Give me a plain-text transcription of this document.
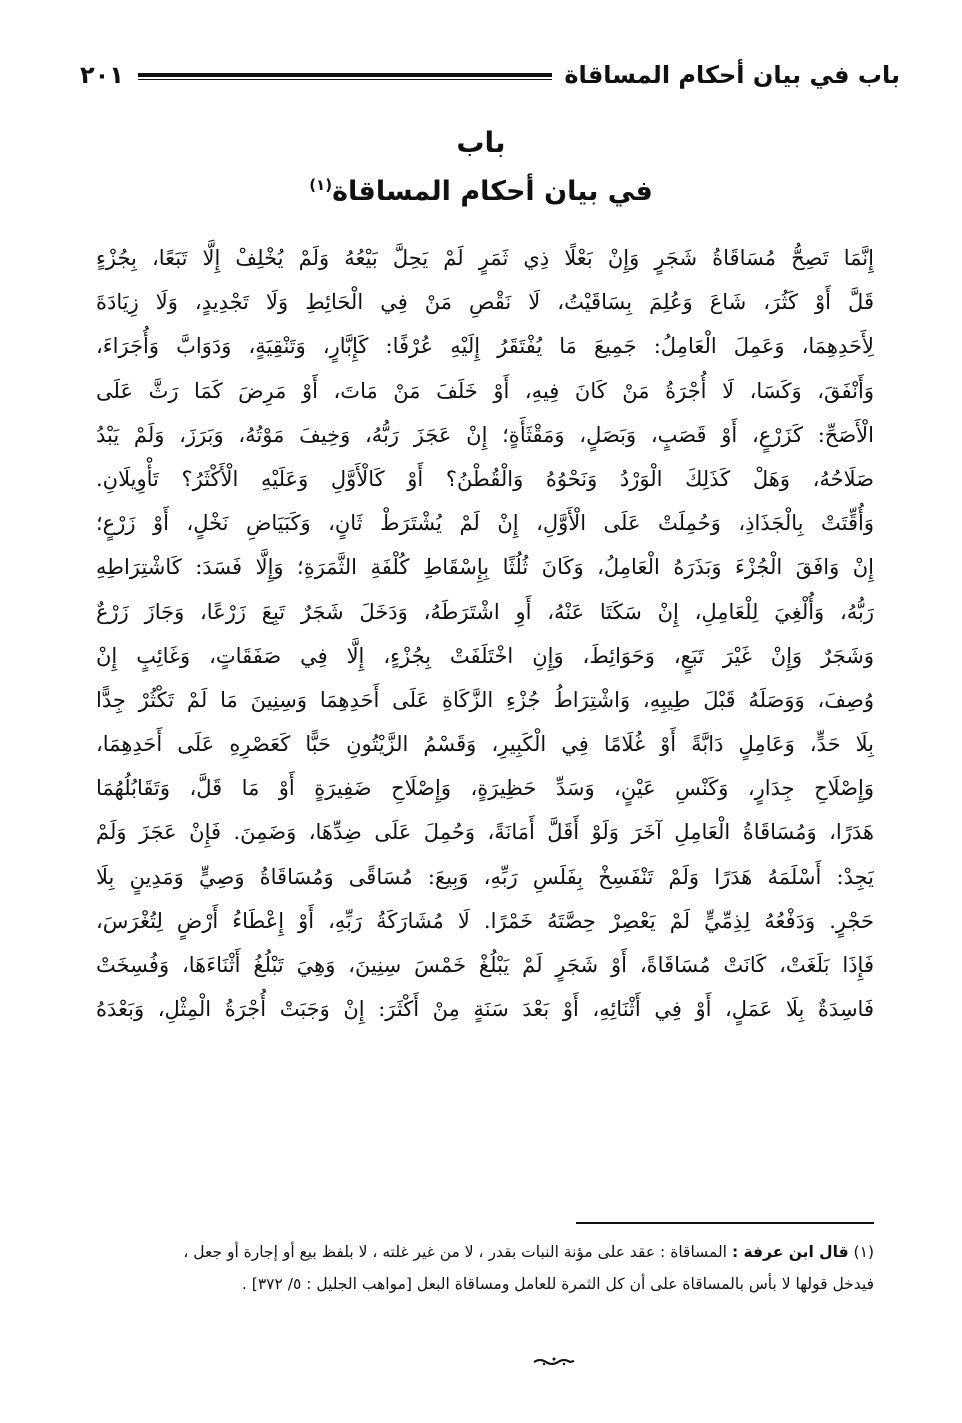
باب في بيان أحكام المساقاة
٢٠١
باب
في بيان أحكام المساقاة$^{(١)}$
إِنَّمَا تَصِحُّ مُسَاقَاةُ شَجَرٍ وَإِنْ بَعْلًا ذِي ثَمَرٍ لَمْ يَحِلَّ بَيْعُهُ وَلَمْ يُخْلِفْ إِلَّا تَبَعًا، بِجُزْءٍ
قَلَّ أَوْ كَثُرَ، شَاعَ وَعُلِمَ بِسَاقَيْتُ، لَا نَقْصِ مَنْ فِي الْحَائِطِ وَلَا تَجْدِيدٍ، وَلَا زِيَادَةَ
لِأَحَدِهِمَا، وَعَمِلَ الْعَامِلُ: جَمِيعَ مَا يُفْتَقَرُ إِلَيْهِ عُرْفًا: كَإِبَّارٍ، وَتَنْقِيَةٍ، وَدَوَابَّ وَأُجَرَاءَ،
وَأَنْفَقَ، وَكَسَا، لَا أُجْرَةُ مَنْ كَانَ فِيهِ، أَوْ خَلَفَ مَنْ مَاتَ، أَوْ مَرِضَ كَمَا رَثَّ عَلَى
الْأَصَحِّ: كَزَرْعٍ، أَوْ قَصَبٍ، وَبَصَلٍ، وَمَقْثَأَةٍ؛ إِنْ عَجَزَ رَبُّهُ، وَخِيفَ مَوْتُهُ، وَبَرَزَ، وَلَمْ يَبْدُ
صَلَاحُهُ، وَهَلْ كَذَلِكَ الْوَرْدُ وَنَحْوُهُ وَالْقُطْنُ؟ أَوْ كَالْأَوَّلِ وَعَلَيْهِ الْأَكْثَرُ؟ تَأْوِيلَانِ.
وَأُقِّتَتْ بِالْجَذَاذِ، وَحُمِلَتْ عَلَى الْأَوَّلِ، إِنْ لَمْ يُشْتَرَطْ ثَانٍ، وَكَبَيَاضِ نَخْلٍ، أَوْ زَرْعٍ؛
إِنْ وَافَقَ الْجُزْءَ وَبَذَرَهُ الْعَامِلُ، وَكَانَ ثُلُثًا بِإِسْقَاطِ كُلْفَةِ الثَّمَرَةِ؛ وَإِلَّا فَسَدَ: كَاشْتِرَاطِهِ
رَبُّهُ، وَأُلْغِيَ لِلْعَامِلِ، إِنْ سَكَتَا عَنْهُ، أَوِ اشْتَرَطَهُ، وَدَخَلَ شَجَرٌ تَبِعَ زَرْعًا، وَجَازَ زَرْعٌ
وَشَجَرٌ وَإِنْ غَيْرَ تَبَعٍ، وَحَوَائِطَ، وَإِنِ اخْتَلَفَتْ بِجُزْءٍ، إِلَّا فِي صَفَقَاتٍ، وَغَائِبٍ إِنْ
وُصِفَ، وَوَصَلَهُ قَبْلَ طِيبِهِ، وَاشْتِرَاطُ جُزْءِ الزَّكَاةِ عَلَى أَحَدِهِمَا وَسِنِينَ مَا لَمْ تَكْثُرْ جِدًّا
بِلَا حَدٍّ، وَعَامِلٍ دَابَّةً أَوْ غُلَامًا فِي الْكَبِيرِ، وَقَسْمُ الزَّيْتُونِ حَبًّا كَعَصْرِهِ عَلَى أَحَدِهِمَا،
وَإِصْلَاحِ جِدَارٍ، وَكَنْسِ عَيْنٍ، وَسَدِّ حَظِيرَةٍ، وَإِصْلَاحِ ضَفِيرَةٍ أَوْ مَا قَلَّ، وَتَقَابُلُهُمَا
هَدَرًا، وَمُسَاقَاةُ الْعَامِلِ آخَرَ وَلَوْ أَقَلَّ أَمَانَةً، وَحُمِلَ عَلَى ضِدِّهَا، وَضَمِنَ. فَإِنْ عَجَزَ وَلَمْ
يَجِدْ: أَسْلَمَهُ هَدَرًا وَلَمْ تَنْفَسِخْ بِفَلَسِ رَبِّهِ، وَبِيعَ: مُسَاقًى وَمُسَاقَاةُ وَصِيٍّ وَمَدِينٍ بِلَا
حَجْرٍ. وَدَفْعُهُ لِذِمِّيٍّ لَمْ يَعْصِرْ حِصَّتَهُ خَمْرًا. لَا مُشَارَكَةُ رَبِّهِ، أَوْ إِعْطَاءُ أَرْضٍ لِتُغْرَسَ،
فَإِذَا بَلَغَتْ، كَانَتْ مُسَاقَاةً، أَوْ شَجَرٍ لَمْ يَبْلُغْ خَمْسَ سِنِينَ، وَهِيَ تَبْلُغُ أَثْنَاءَهَا، وَفُسِخَتْ
فَاسِدَةٌ بِلَا عَمَلٍ، أَوْ فِي أَثْنَائِهِ، أَوْ بَعْدَ سَنَةٍ مِنْ أَكْثَرَ: إِنْ وَجَبَتْ أُجْرَةُ الْمِثْلِ، وَبَعْدَهُ
(١) قال ابن عرفة : المساقاة : عقد على مؤنة النبات بقدر ، لا من غير غلته ، لا بلفظ بيع أو إجارة أو جعل ،
فيدخل قولها لا بأس بالمساقاة على أن كل الثمرة للعامل ومساقاة البعل [مواهب الجليل : ٥/ ٣٧٢] .
